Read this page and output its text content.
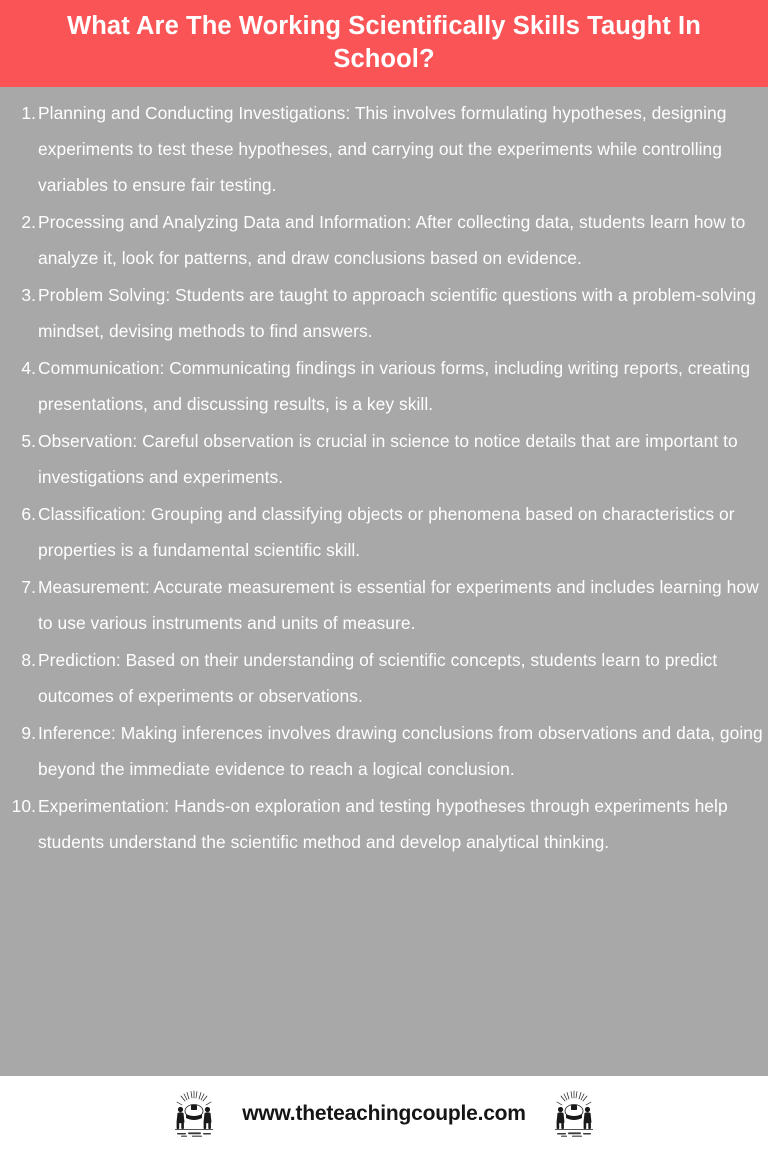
What Are The Working Scientifically Skills Taught In School?
Planning and Conducting Investigations: This involves formulating hypotheses, designing experiments to test these hypotheses, and carrying out the experiments while controlling variables to ensure fair testing.
Processing and Analyzing Data and Information: After collecting data, students learn how to analyze it, look for patterns, and draw conclusions based on evidence.
Problem Solving: Students are taught to approach scientific questions with a problem-solving mindset, devising methods to find answers.
Communication: Communicating findings in various forms, including writing reports, creating presentations, and discussing results, is a key skill.
Observation: Careful observation is crucial in science to notice details that are important to investigations and experiments.
Classification: Grouping and classifying objects or phenomena based on characteristics or properties is a fundamental scientific skill.
Measurement: Accurate measurement is essential for experiments and includes learning how to use various instruments and units of measure.
Prediction: Based on their understanding of scientific concepts, students learn to predict outcomes of experiments or observations.
Inference: Making inferences involves drawing conclusions from observations and data, going beyond the immediate evidence to reach a logical conclusion.
Experimentation: Hands-on exploration and testing hypotheses through experiments help students understand the scientific method and develop analytical thinking.
www.theteachingcouple.com
